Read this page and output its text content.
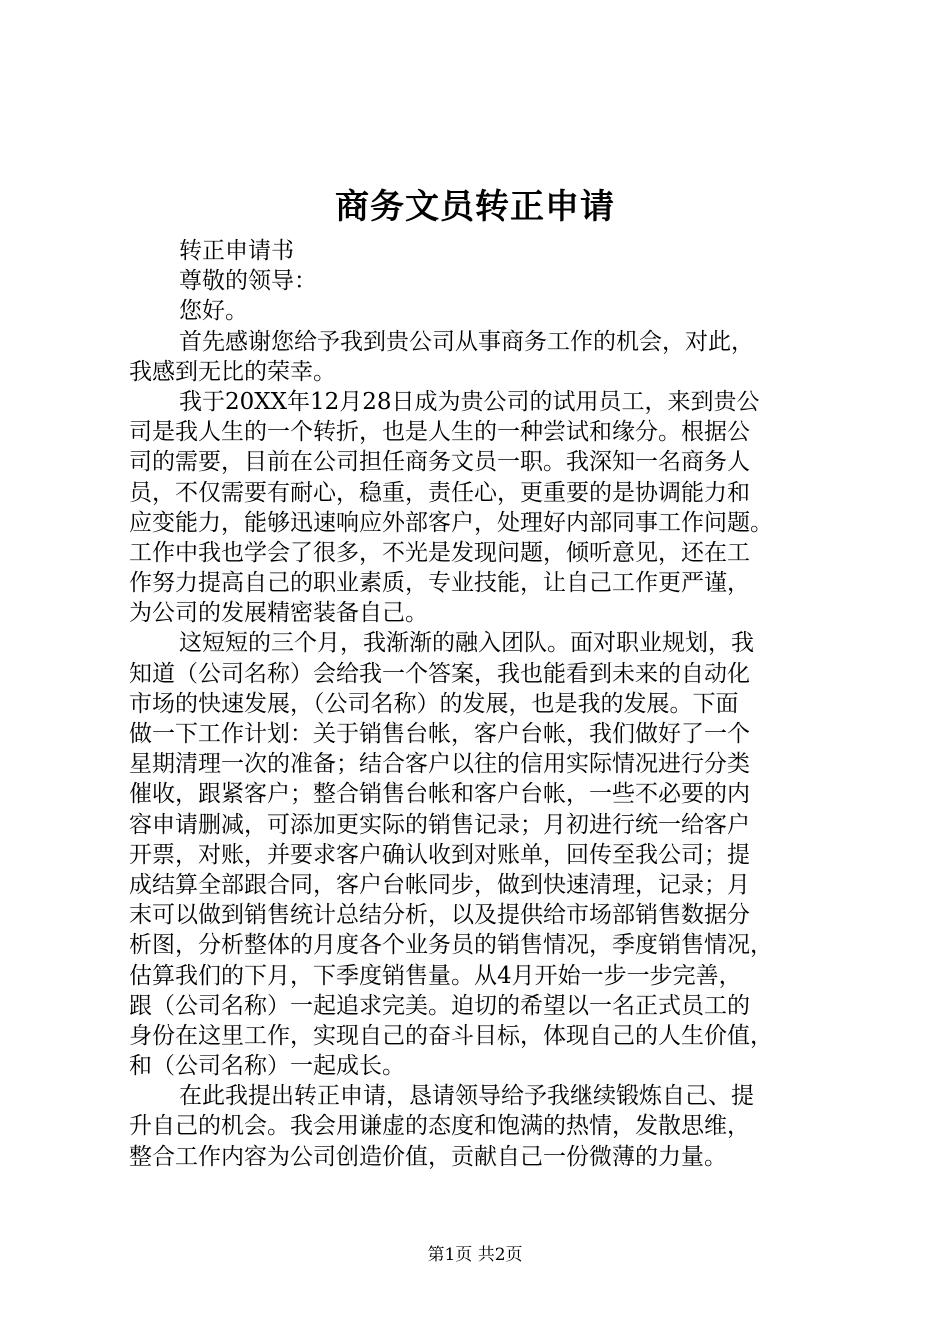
商务文员转正申请
转正申请书
尊敬的领导：
您好。
首先感谢您给予我到贵公司从事商务工作的机会，对此，
我感到无比的荣幸。
我于20XX年12月28日成为贵公司的试用员工，来到贵公
司是我人生的一个转折，也是人生的一种尝试和缘分。根据公
司的需要，目前在公司担任商务文员一职。我深知一名商务人
员，不仅需要有耐心，稳重，责任心，更重要的是协调能力和
应变能力，能够迅速响应外部客户，处理好内部同事工作问题。
工作中我也学会了很多，不光是发现问题，倾听意见，还在工
作努力提高自己的职业素质，专业技能，让自己工作更严谨，
为公司的发展精密装备自己。
这短短的三个月，我渐渐的融入团队。面对职业规划，我
知道（公司名称）会给我一个答案，我也能看到未来的自动化
市场的快速发展，（公司名称）的发展，也是我的发展。下面
做一下工作计划：关于销售台帐，客户台帐，我们做好了一个
星期清理一次的准备；结合客户以往的信用实际情况进行分类
催收，跟紧客户；整合销售台帐和客户台帐，一些不必要的内
容申请删减，可添加更实际的销售记录；月初进行统一给客户
开票，对账，并要求客户确认收到对账单，回传至我公司；提
成结算全部跟合同，客户台帐同步，做到快速清理，记录；月
末可以做到销售统计总结分析，以及提供给市场部销售数据分
析图，分析整体的月度各个业务员的销售情况，季度销售情况，
估算我们的下月，下季度销售量。从4月开始一步一步完善，
跟（公司名称）一起追求完美。迫切的希望以一名正式员工的
身份在这里工作，实现自己的奋斗目标，体现自己的人生价值，
和（公司名称）一起成长。
在此我提出转正申请，恳请领导给予我继续锻炼自己、提
升自己的机会。我会用谦虚的态度和饱满的热情，发散思维，
整合工作内容为公司创造价值，贡献自己一份微薄的力量。
第1页 共2页
